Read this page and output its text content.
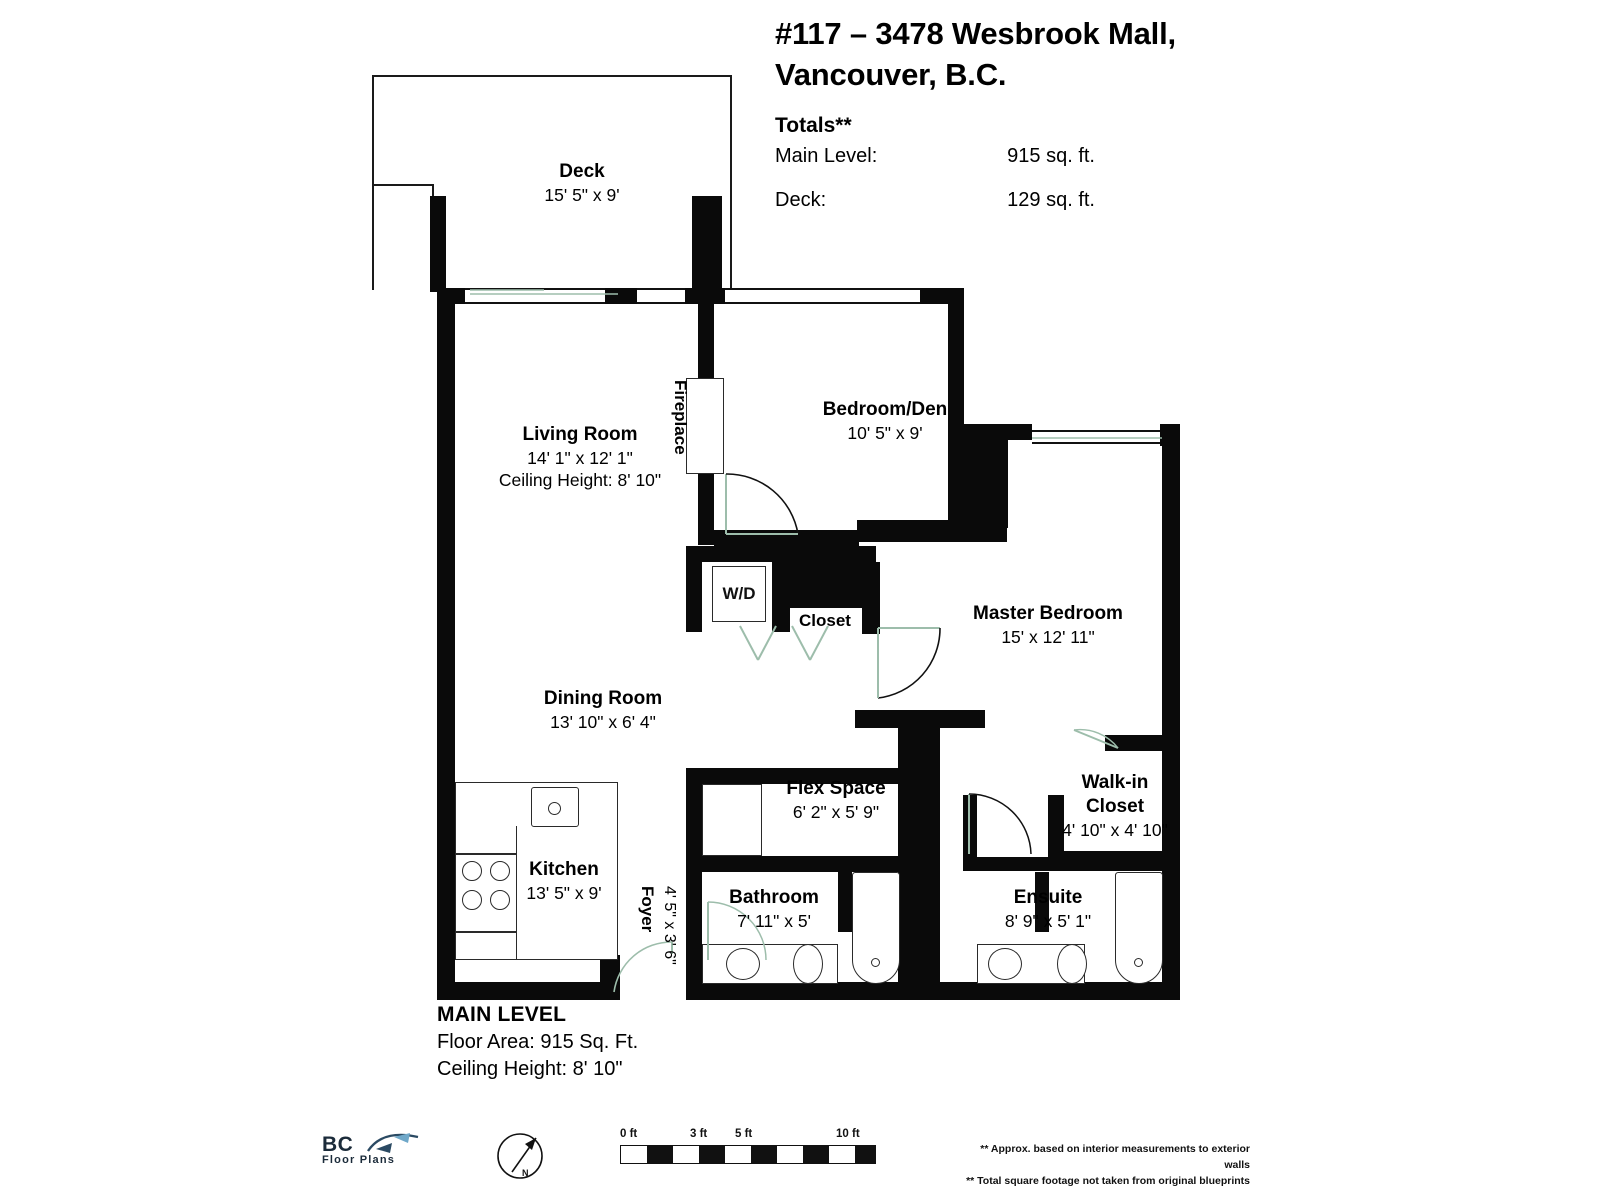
#117 – 3478 Wesbrook Mall,
Vancouver, B.C.
Totals**
Main Level:	915 sq. ft.
Deck:	129 sq. ft.
Deck
15' 5" x 9'
W/D
Living Room
14' 1" x 12' 1"
Ceiling Height: 8' 10"
Fireplace	Bedroom/Den
10' 5" x 9'
Closet	Master Bedroom
15' x 12' 11"
Dining Room
13' 10" x 6' 4"
Flex Space
6' 2" x 5' 9"
Walk-in
Closet
4' 10" x 4' 10"
Kitchen
13' 5" x 9'	Foyer 4' 5" x 3' 6"	Bathroom
7' 11" x 5'
Ensuite
8' 9" x 5' 1"
MAIN LEVEL
Floor Area: 915 Sq. Ft.
Ceiling Height: 8' 10"
BC
Floor Plans
N
0 ft	3 ft 5 ft	10 ft
** Approx. based on interior measurements to exterior walls
** Total square footage not taken from original blueprints
